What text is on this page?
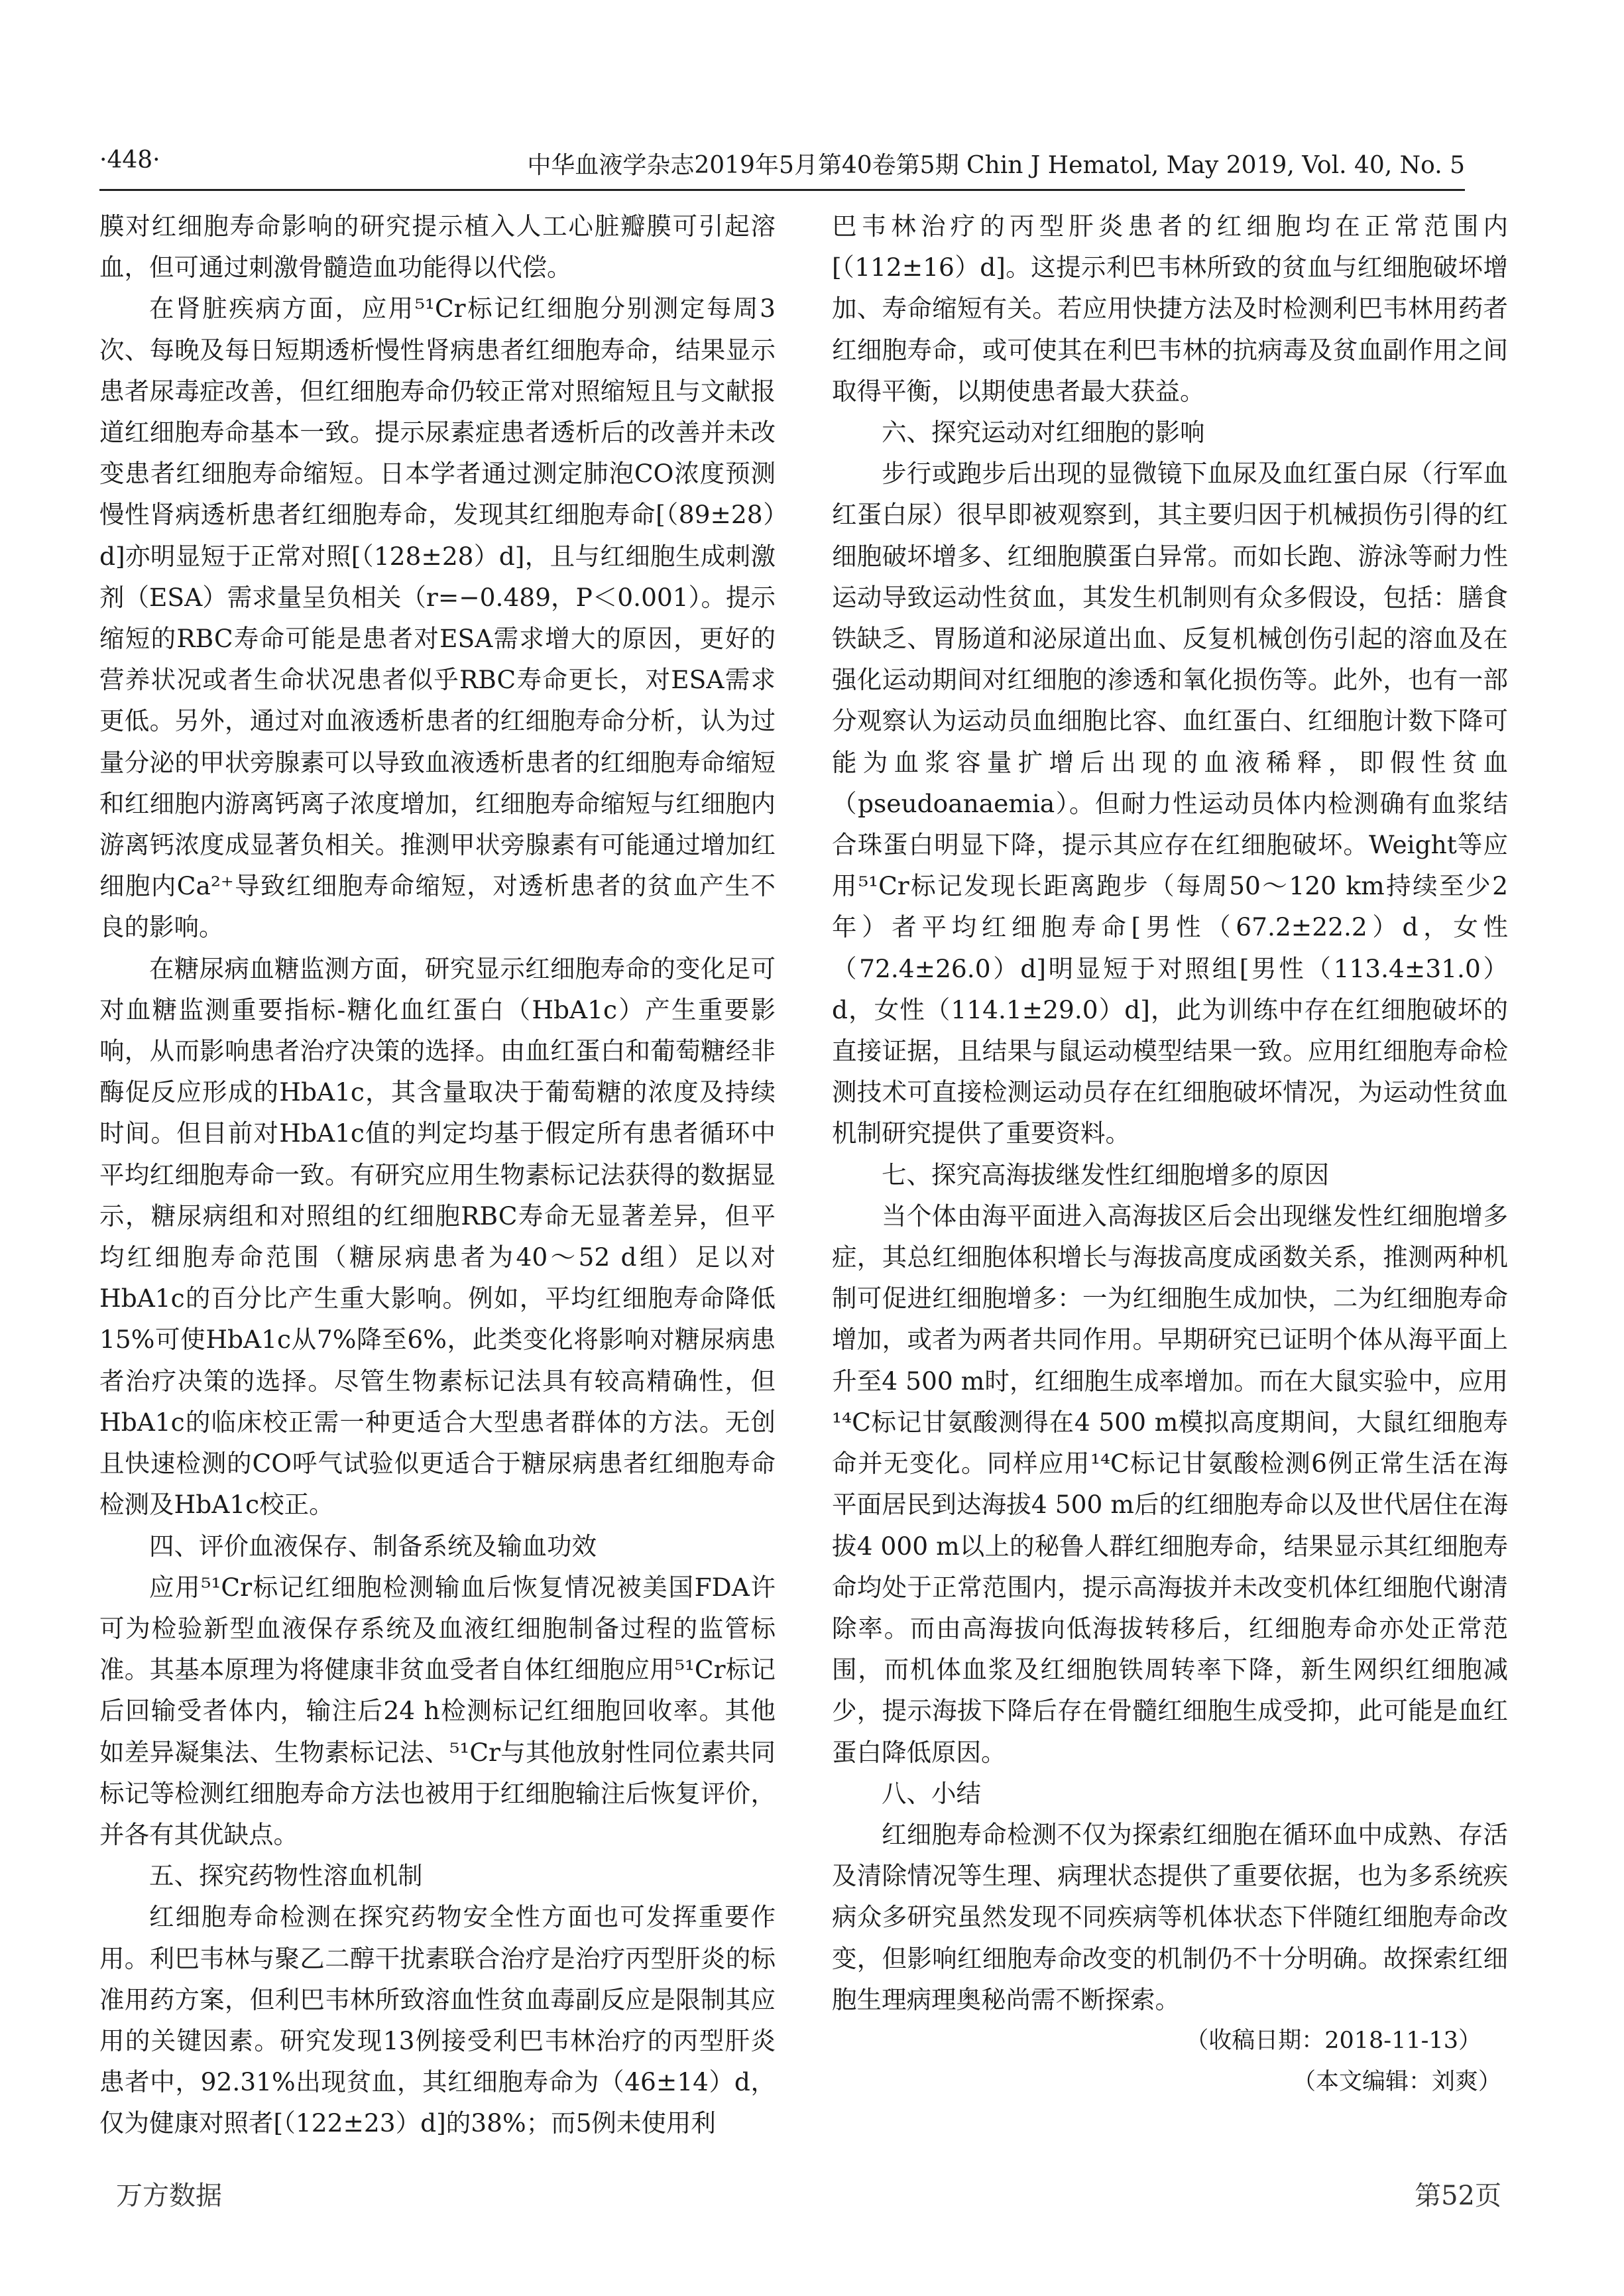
·448·	中华血液学杂志2019年5月第40卷第5期 Chin J Hematol, May 2019, Vol. 40, No. 5

膜对红细胞寿命影响的研究提示植入人工心脏瓣膜可引起溶血，但可通过刺激骨髓造血功能得以代偿。

在肾脏疾病方面，应用⁵¹Cr标记红细胞分别测定每周3次、每晚及每日短期透析慢性肾病患者红细胞寿命，结果显示患者尿毒症改善，但红细胞寿命仍较正常对照缩短且与文献报道红细胞寿命基本一致。提示尿素症患者透析后的改善并未改变患者红细胞寿命缩短。日本学者通过测定肺泡CO浓度预测慢性肾病透析患者红细胞寿命，发现其红细胞寿命[（89±28）d]亦明显短于正常对照[（128±28）d]，且与红细胞生成刺激剂（ESA）需求量呈负相关（r=−0.489，P＜0.001）。提示缩短的RBC寿命可能是患者对ESA需求增大的原因，更好的营养状况或者生命状况患者似乎RBC寿命更长，对ESA需求更低。另外，通过对血液透析患者的红细胞寿命分析，认为过量分泌的甲状旁腺素可以导致血液透析患者的红细胞寿命缩短和红细胞内游离钙离子浓度增加，红细胞寿命缩短与红细胞内游离钙浓度成显著负相关。推测甲状旁腺素有可能通过增加红细胞内Ca²⁺导致红细胞寿命缩短，对透析患者的贫血产生不良的影响。

在糖尿病血糖监测方面，研究显示红细胞寿命的变化足可对血糖监测重要指标-糖化血红蛋白（HbA1c）产生重要影响，从而影响患者治疗决策的选择。由血红蛋白和葡萄糖经非酶促反应形成的HbA1c，其含量取决于葡萄糖的浓度及持续时间。但目前对HbA1c值的判定均基于假定所有患者循环中平均红细胞寿命一致。有研究应用生物素标记法获得的数据显示，糖尿病组和对照组的红细胞RBC寿命无显著差异，但平均红细胞寿命范围（糖尿病患者为40～52 d组）足以对HbA1c的百分比产生重大影响。例如，平均红细胞寿命降低15%可使HbA1c从7%降至6%，此类变化将影响对糖尿病患者治疗决策的选择。尽管生物素标记法具有较高精确性，但HbA1c的临床校正需一种更适合大型患者群体的方法。无创且快速检测的CO呼气试验似更适合于糖尿病患者红细胞寿命检测及HbA1c校正。

四、评价血液保存、制备系统及输血功效

应用⁵¹Cr标记红细胞检测输血后恢复情况被美国FDA许可为检验新型血液保存系统及血液红细胞制备过程的监管标准。其基本原理为将健康非贫血受者自体红细胞应用⁵¹Cr标记后回输受者体内，输注后24 h检测标记红细胞回收率。其他如差异凝集法、生物素标记法、⁵¹Cr与其他放射性同位素共同标记等检测红细胞寿命方法也被用于红细胞输注后恢复评价，并各有其优缺点。

五、探究药物性溶血机制

红细胞寿命检测在探究药物安全性方面也可发挥重要作用。利巴韦林与聚乙二醇干扰素联合治疗是治疗丙型肝炎的标准用药方案，但利巴韦林所致溶血性贫血毒副反应是限制其应用的关键因素。研究发现13例接受利巴韦林治疗的丙型肝炎患者中，92.31%出现贫血，其红细胞寿命为（46±14）d，仅为健康对照者[（122±23）d]的38%；而5例未使用利

巴韦林治疗的丙型肝炎患者的红细胞均在正常范围内[（112±16）d]。这提示利巴韦林所致的贫血与红细胞破坏增加、寿命缩短有关。若应用快捷方法及时检测利巴韦林用药者红细胞寿命，或可使其在利巴韦林的抗病毒及贫血副作用之间取得平衡，以期使患者最大获益。

六、探究运动对红细胞的影响

步行或跑步后出现的显微镜下血尿及血红蛋白尿（行军血红蛋白尿）很早即被观察到，其主要归因于机械损伤引得的红细胞破坏增多、红细胞膜蛋白异常。而如长跑、游泳等耐力性运动导致运动性贫血，其发生机制则有众多假设，包括：膳食铁缺乏、胃肠道和泌尿道出血、反复机械创伤引起的溶血及在强化运动期间对红细胞的渗透和氧化损伤等。此外，也有一部分观察认为运动员血细胞比容、血红蛋白、红细胞计数下降可能为血浆容量扩增后出现的血液稀释，即假性贫血（pseudoanaemia）。但耐力性运动员体内检测确有血浆结合珠蛋白明显下降，提示其应存在红细胞破坏。Weight等应用⁵¹Cr标记发现长距离跑步（每周50～120 km持续至少2年）者平均红细胞寿命[男性（67.2±22.2）d，女性（72.4±26.0）d]明显短于对照组[男性（113.4±31.0）d，女性（114.1±29.0）d]，此为训练中存在红细胞破坏的直接证据，且结果与鼠运动模型结果一致。应用红细胞寿命检测技术可直接检测运动员存在红细胞破坏情况，为运动性贫血机制研究提供了重要资料。

七、探究高海拔继发性红细胞增多的原因

当个体由海平面进入高海拔区后会出现继发性红细胞增多症，其总红细胞体积增长与海拔高度成函数关系，推测两种机制可促进红细胞增多：一为红细胞生成加快，二为红细胞寿命增加，或者为两者共同作用。早期研究已证明个体从海平面上升至4 500 m时，红细胞生成率增加。而在大鼠实验中，应用¹⁴C标记甘氨酸测得在4 500 m模拟高度期间，大鼠红细胞寿命并无变化。同样应用¹⁴C标记甘氨酸检测6例正常生活在海平面居民到达海拔4 500 m后的红细胞寿命以及世代居住在海拔4 000 m以上的秘鲁人群红细胞寿命，结果显示其红细胞寿命均处于正常范围内，提示高海拔并未改变机体红细胞代谢清除率。而由高海拔向低海拔转移后，红细胞寿命亦处正常范围，而机体血浆及红细胞铁周转率下降，新生网织红细胞减少，提示海拔下降后存在骨髓红细胞生成受抑，此可能是血红蛋白降低原因。

八、小结

红细胞寿命检测不仅为探索红细胞在循环血中成熟、存活及清除情况等生理、病理状态提供了重要依据，也为多系统疾病众多研究虽然发现不同疾病等机体状态下伴随红细胞寿命改变，但影响红细胞寿命改变的机制仍不十分明确。故探索红细胞生理病理奥秘尚需不断探索。

（收稿日期：2018-11-13）
（本文编辑：刘爽）
万方数据	第52页
